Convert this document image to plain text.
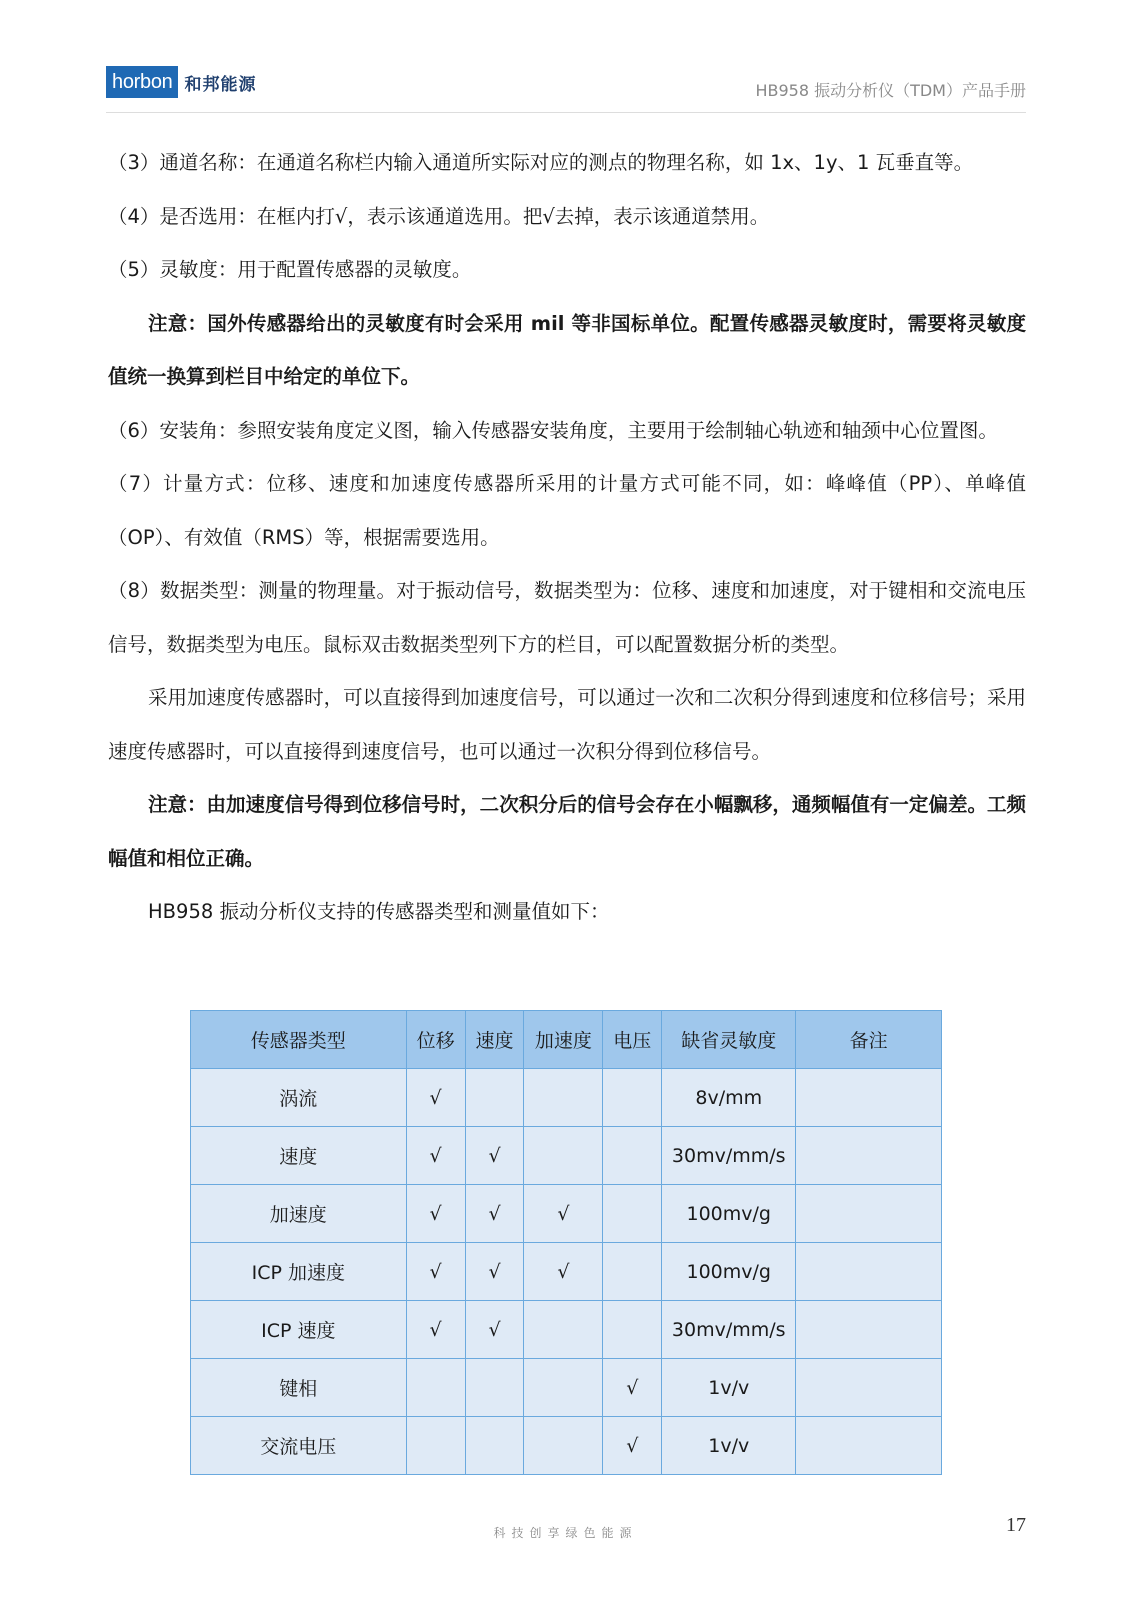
horbon 和邦能源	HB958 振动分析仪（TDM）产品手册

（3）通道名称：在通道名称栏内输入通道所实际对应的测点的物理名称，如 1x、1y、1 瓦垂直等。

（4）是否选用：在框内打√，表示该通道选用。把√去掉，表示该通道禁用。

（5）灵敏度：用于配置传感器的灵敏度。

注意：国外传感器给出的灵敏度有时会采用 mil 等非国标单位。配置传感器灵敏度时，需要将灵敏度值统一换算到栏目中给定的单位下。

（6）安装角：参照安装角度定义图，输入传感器安装角度，主要用于绘制轴心轨迹和轴颈中心位置图。

（7）计量方式：位移、速度和加速度传感器所采用的计量方式可能不同，如：峰峰值（PP）、单峰值（OP）、有效值（RMS）等，根据需要选用。

（8）数据类型：测量的物理量。对于振动信号，数据类型为：位移、速度和加速度，对于键相和交流电压信号，数据类型为电压。鼠标双击数据类型列下方的栏目，可以配置数据分析的类型。

采用加速度传感器时，可以直接得到加速度信号，可以通过一次和二次积分得到速度和位移信号；采用速度传感器时，可以直接得到速度信号，也可以通过一次积分得到位移信号。

注意：由加速度信号得到位移信号时，二次积分后的信号会存在小幅飘移，通频幅值有一定偏差。工频幅值和相位正确。

HB958 振动分析仪支持的传感器类型和测量值如下：

传感器类型	位移	速度	加速度	电压	缺省灵敏度	备注
涡流	√				8v/mm	
速度	√	√			30mv/mm/s	
加速度	√	√	√		100mv/g	
ICP 加速度	√	√	√		100mv/g	
ICP 速度	√	√			30mv/mm/s	
键相				√	1v/v	
交流电压				√	1v/v	
科技创享绿色能源	17
